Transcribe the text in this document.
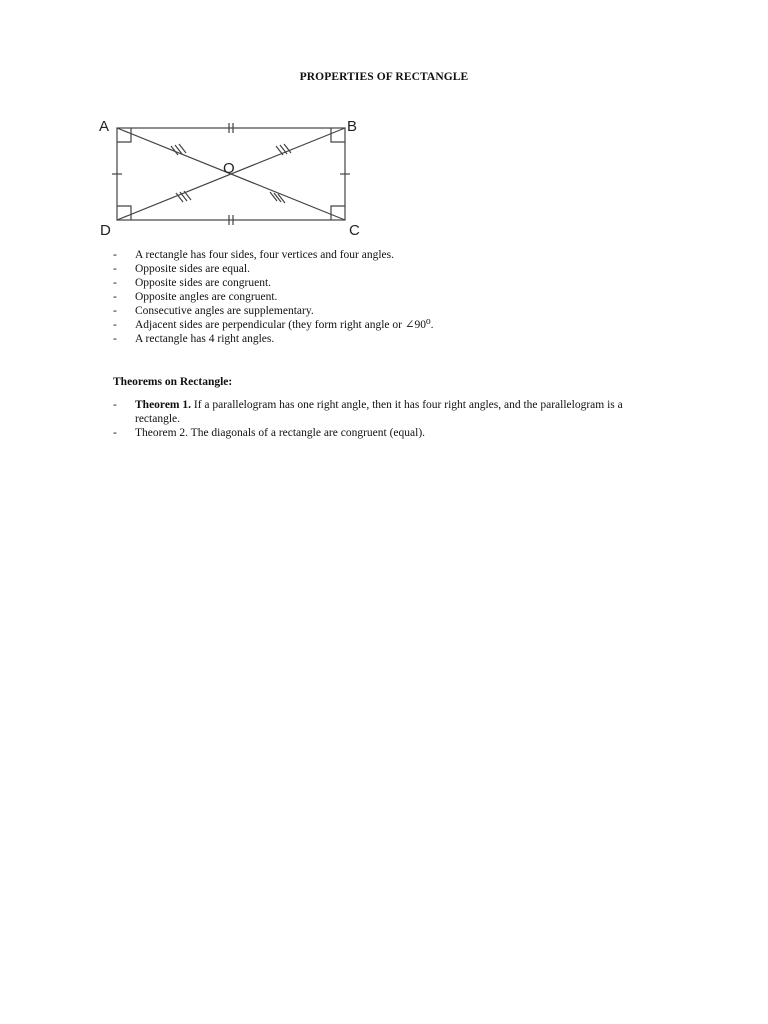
PROPERTIES OF RECTANGLE
A	B
C
D
O
- A rectangle has four sides, four vertices and four angles.
- Opposite sides are equal.
- Opposite sides are congruent.
- Opposite angles are congruent.
- Consecutive angles are supplementary.
- Adjacent sides are perpendicular (they form right angle or ∠90⁰.
- A rectangle has 4 right angles.
Theorems on Rectangle:
- Theorem 1. If a parallelogram has one right angle, then it has four right angles, and the parallelogram is a rectangle.
- Theorem 2. The diagonals of a rectangle are congruent (equal).
